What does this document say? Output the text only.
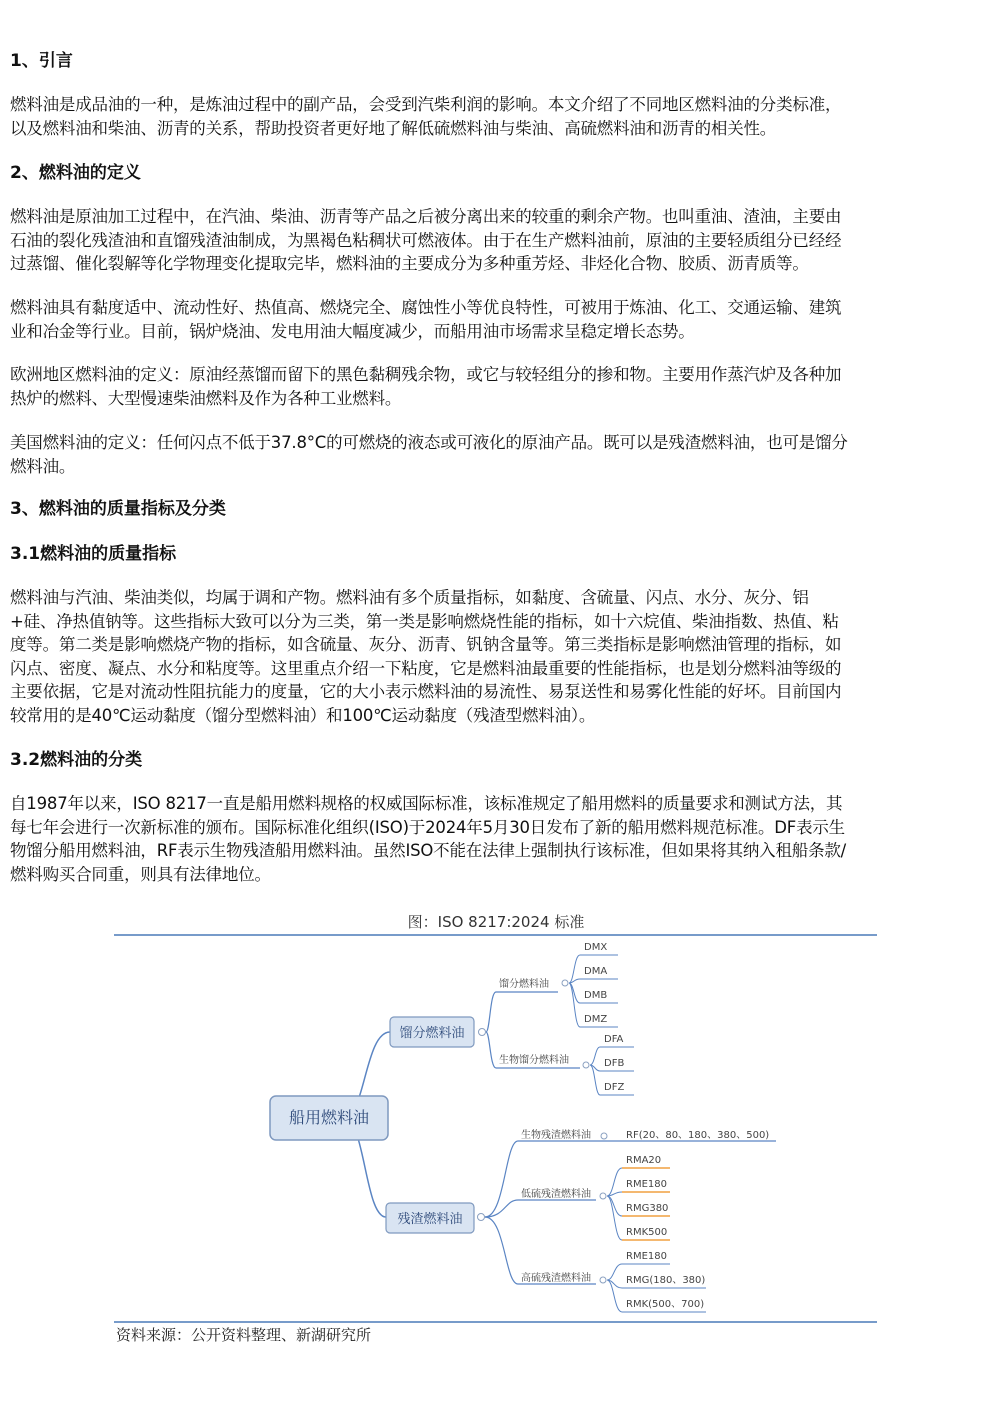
1、引言
燃料油是成品油的一种，是炼油过程中的副产品，会受到汽柴利润的影响。本文介绍了不同地区燃料油的分类标准，
以及燃料油和柴油、沥青的关系，帮助投资者更好地了解低硫燃料油与柴油、高硫燃料油和沥青的相关性。
2、燃料油的定义
燃料油是原油加工过程中，在汽油、柴油、沥青等产品之后被分离出来的较重的剩余产物。也叫重油、渣油，主要由
石油的裂化残渣油和直馏残渣油制成，为黑褐色粘稠状可燃液体。由于在生产燃料油前，原油的主要轻质组分已经经
过蒸馏、催化裂解等化学物理变化提取完毕，燃料油的主要成分为多种重芳烃、非烃化合物、胶质、沥青质等。
燃料油具有黏度适中、流动性好、热值高、燃烧完全、腐蚀性小等优良特性，可被用于炼油、化工、交通运输、建筑
业和冶金等行业。目前，锅炉烧油、发电用油大幅度减少，而船用油市场需求呈稳定增长态势。
欧洲地区燃料油的定义：原油经蒸馏而留下的黑色黏稠残余物，或它与较轻组分的掺和物。主要用作蒸汽炉及各种加
热炉的燃料、大型慢速柴油燃料及作为各种工业燃料。
美国燃料油的定义：任何闪点不低于37.8°C的可燃烧的液态或可液化的原油产品。既可以是残渣燃料油，也可是馏分
燃料油。
3、燃料油的质量指标及分类
3.1燃料油的质量指标
燃料油与汽油、柴油类似，均属于调和产物。燃料油有多个质量指标，如黏度、含硫量、闪点、水分、灰分、铝
+硅、净热值钠等。这些指标大致可以分为三类，第一类是影响燃烧性能的指标，如十六烷值、柴油指数、热值、粘
度等。第二类是影响燃烧产物的指标，如含硫量、灰分、沥青、钒钠含量等。第三类指标是影响燃油管理的指标，如
闪点、密度、凝点、水分和粘度等。这里重点介绍一下粘度，它是燃料油最重要的性能指标，也是划分燃料油等级的
主要依据，它是对流动性阻抗能力的度量，它的大小表示燃料油的易流性、易泵送性和易雾化性能的好坏。目前国内
较常用的是40℃运动黏度（馏分型燃料油）和100℃运动黏度（残渣型燃料油）。
3.2燃料油的分类
自1987年以来，ISO 8217一直是船用燃料规格的权威国际标准，该标准规定了船用燃料的质量要求和测试方法，其
每七年会进行一次新标准的颁布。国际标准化组织(ISO)于2024年5月30日发布了新的船用燃料规范标准。DF表示生
物馏分船用燃料油，RF表示生物残渣船用燃料油。虽然ISO不能在法律上强制执行该标准，但如果将其纳入租船条款/
燃料购买合同重，则具有法律地位。
图：ISO 8217:2024 标准
船用燃料油
馏分燃料油
馏分燃料油
DMX
DMA
DMB
DMZ
生物馏分燃料油
DFA
DFB
DFZ
残渣燃料油
生物残渣燃料油	RF(20、80、180、380、500)
低硫残渣燃料油
RMA20
RME180
RMG380
RMK500
高硫残渣燃料油
RME180
RMG(180、380)
RMK(500、700)
资料来源：公开资料整理、新湖研究所
